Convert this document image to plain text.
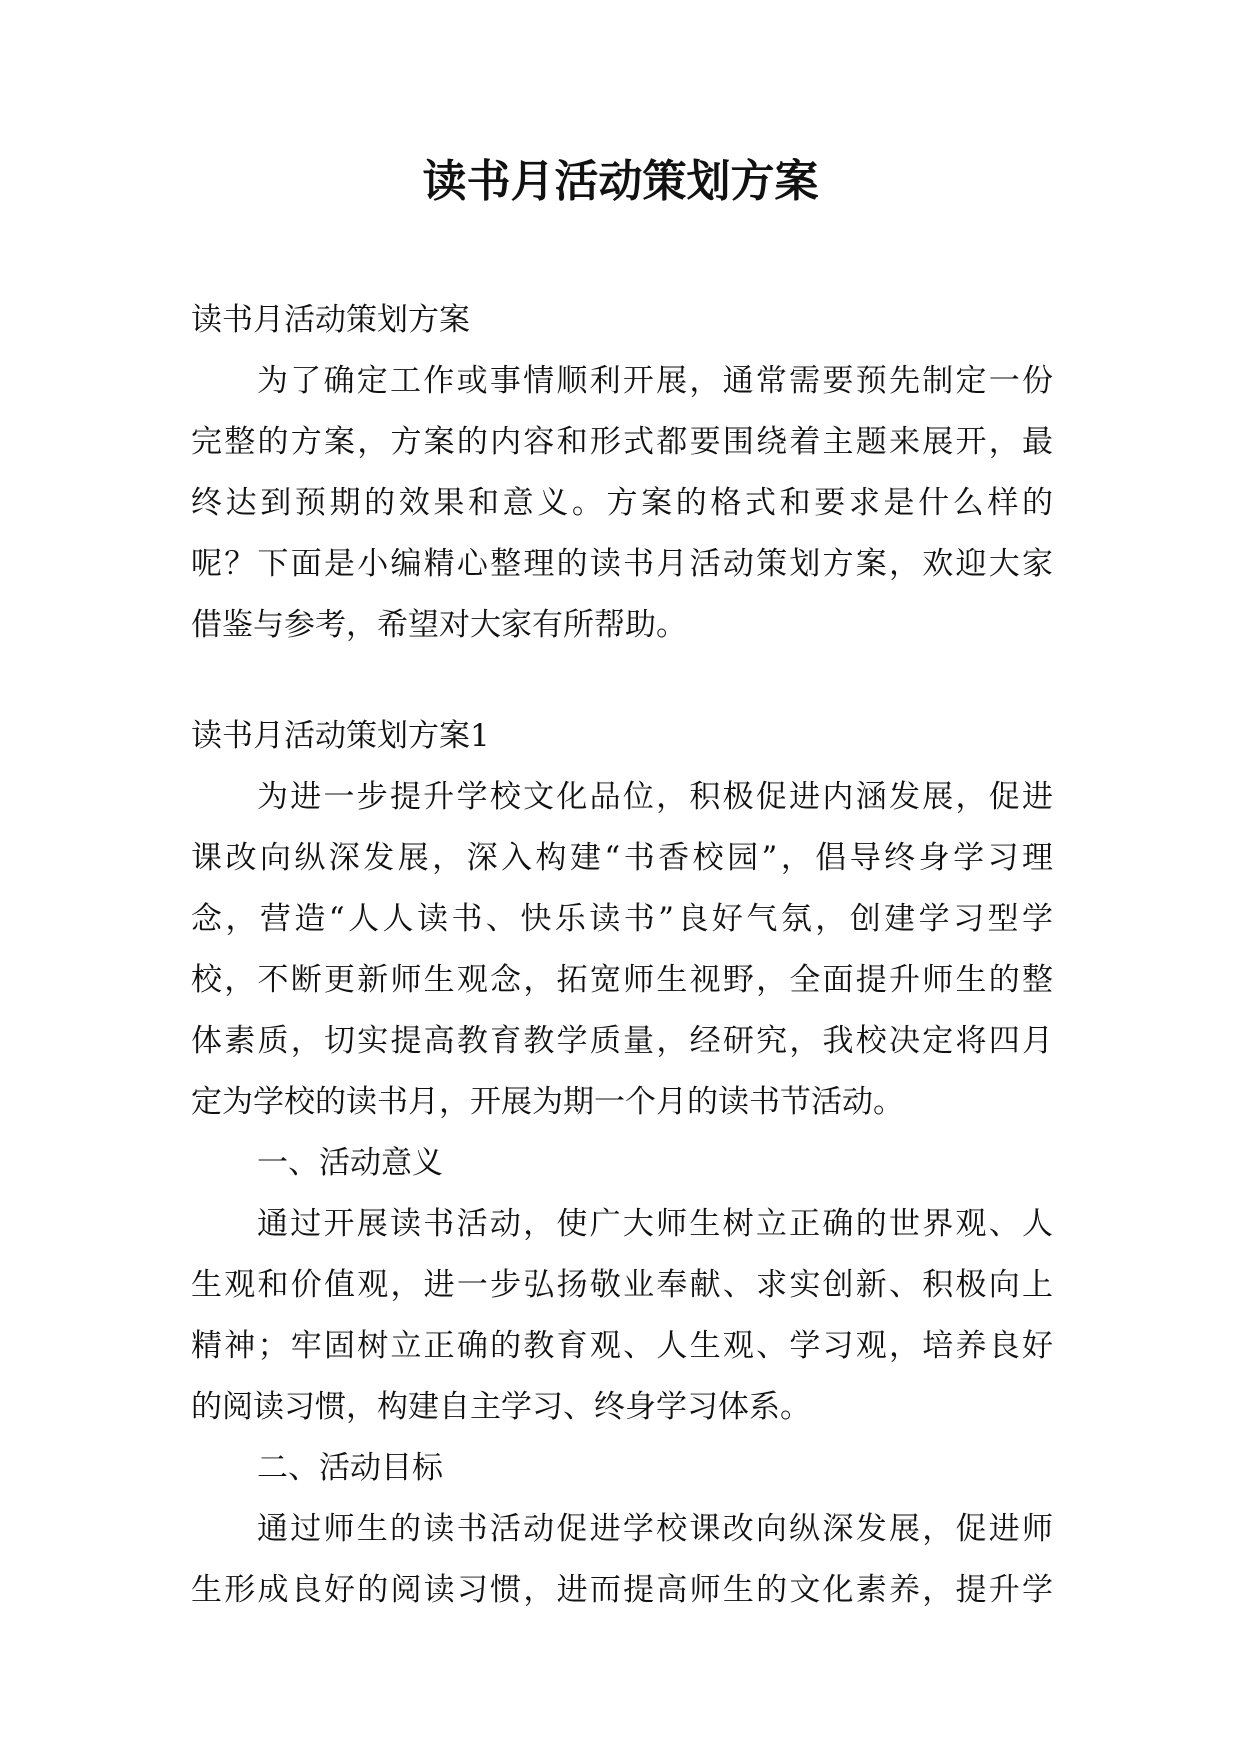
读书月活动策划方案

读书月活动策划方案

为了确定工作或事情顺利开展，通常需要预先制定一份

完整的方案，方案的内容和形式都要围绕着主题来展开，最

终达到预期的效果和意义。方案的格式和要求是什么样的

呢？下面是小编精心整理的读书月活动策划方案，欢迎大家

借鉴与参考，希望对大家有所帮助。

读书月活动策划方案1

为进一步提升学校文化品位，积极促进内涵发展，促进

课改向纵深发展，深入构建“书香校园”，倡导终身学习理

念，营造“人人读书、快乐读书”良好气氛，创建学习型学

校，不断更新师生观念，拓宽师生视野，全面提升师生的整

体素质，切实提高教育教学质量，经研究，我校决定将四月

定为学校的读书月，开展为期一个月的读书节活动。

一、活动意义

通过开展读书活动，使广大师生树立正确的世界观、人

生观和价值观，进一步弘扬敬业奉献、求实创新、积极向上

精神；牢固树立正确的教育观、人生观、学习观，培养良好

的阅读习惯，构建自主学习、终身学习体系。

二、活动目标

通过师生的读书活动促进学校课改向纵深发展，促进师

生形成良好的阅读习惯，进而提高师生的文化素养，提升学
